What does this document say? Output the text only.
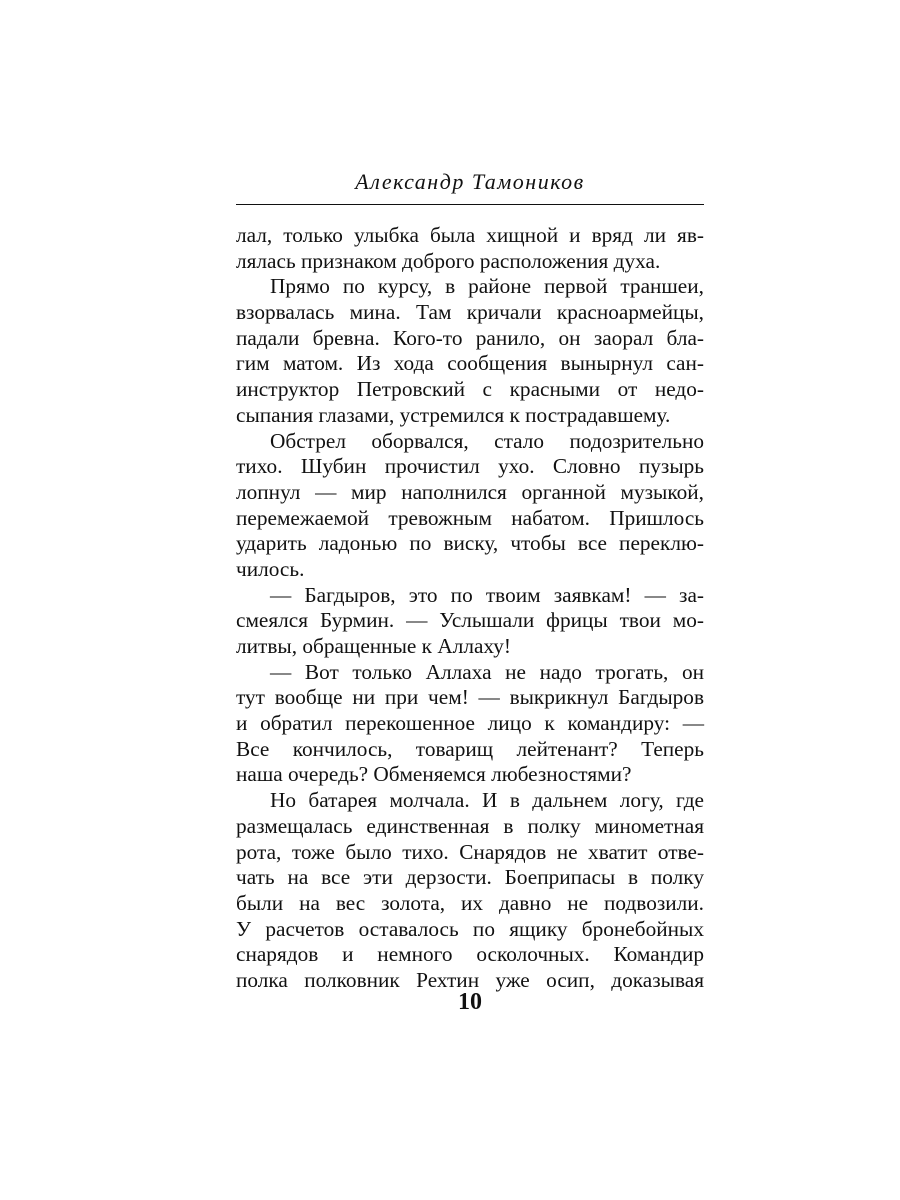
Александр Тамоников
лал, только улыбка была хищной и вряд ли яв-
лялась признаком доброго расположения духа.
Прямо по курсу, в районе первой траншеи,
взорвалась мина. Там кричали красноармейцы,
падали бревна. Кого-то ранило, он заорал бла-
гим матом. Из хода сообщения вынырнул сан-
инструктор Петровский с красными от недо-
сыпания глазами, устремился к пострадавшему.
Обстрел оборвался, стало подозрительно
тихо. Шубин прочистил ухо. Словно пузырь
лопнул — мир наполнился органной музыкой,
перемежаемой тревожным набатом. Пришлось
ударить ладонью по виску, чтобы все переклю-
чилось.
— Багдыров, это по твоим заявкам! — за-
смеялся Бурмин. — Услышали фрицы твои мо-
литвы, обращенные к Аллаху!
— Вот только Аллаха не надо трогать, он
тут вообще ни при чем! — выкрикнул Багдыров
и обратил перекошенное лицо к командиру: —
Все кончилось, товарищ лейтенант? Теперь
наша очередь? Обменяемся любезностями?
Но батарея молчала. И в дальнем логу, где
размещалась единственная в полку минометная
рота, тоже было тихо. Снарядов не хватит отве-
чать на все эти дерзости. Боеприпасы в полку
были на вес золота, их давно не подвозили.
У расчетов оставалось по ящику бронебойных
снарядов и немного осколочных. Командир
полка полковник Рехтин уже осип, доказывая
10
